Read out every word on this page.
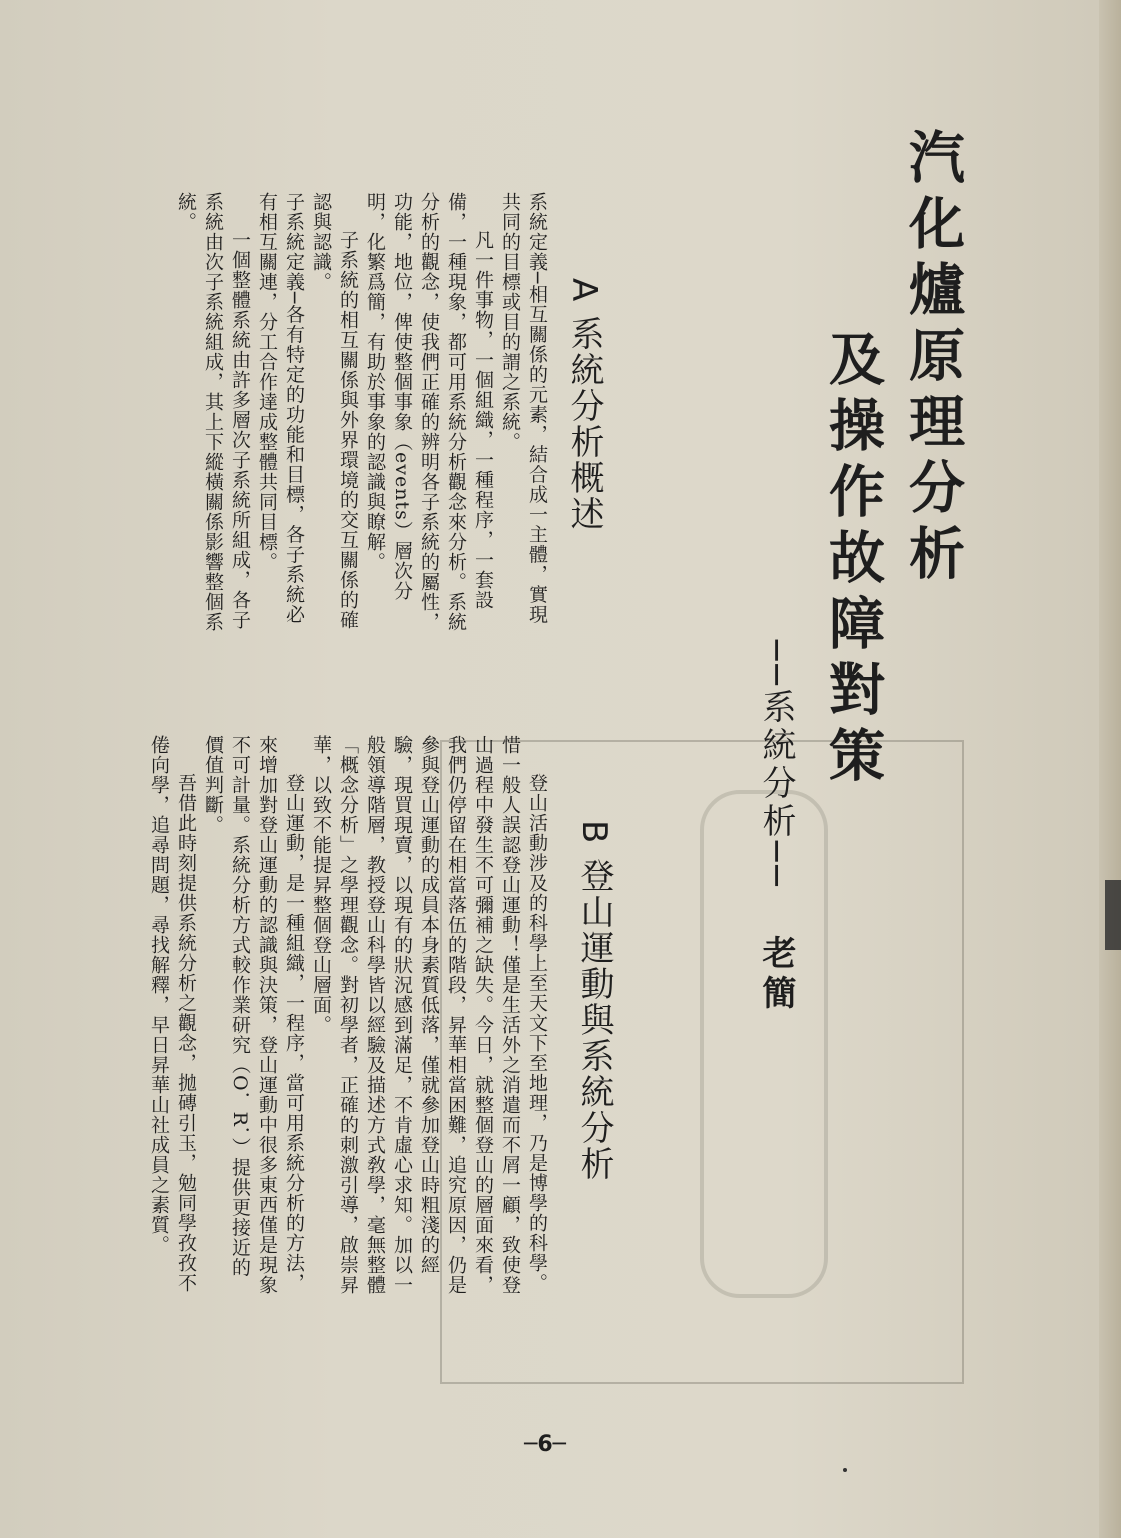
汽化爐原理分析
及操作故障對策
──系統分析──
老簡
A 系統分析概述

系統定義─相互關係的元素，結合成一主體，實現共同的目標或目的謂之系統。

凡一件事物，一個組織，一種程序，一套設備，一種現象，都可用系統分析觀念來分析。系統分析的觀念，使我們正確的辨明各子系統的屬性，功能，地位，俾使整個事象（events）層次分明，化繁爲簡，有助於事象的認識與瞭解。

子系統的相互關係與外界環境的交互關係的確認與認識。

子系統定義─各有特定的功能和目標，各子系統必有相互關連，分工合作達成整體共同目標。

一個整體系統由許多層次子系統所組成，各子系統由次子系統組成，其上下縱橫關係影響整個系統。

B 登山運動與系統分析

登山活動涉及的科學上至天文下至地理，乃是博學的科學。惜一般人誤認登山運動！僅是生活外之消遣而不屑一顧，致使登山過程中發生不可彌補之缺失。今日，就整個登山的層面來看，我們仍停留在相當落伍的階段，昇華相當困難，追究原因，仍是參與登山運動的成員本身素質低落，僅就參加登山時粗淺的經驗，現買現賣，以現有的狀況感到滿足，不肯虛心求知。加以一般領導階層，教授登山科學皆以經驗及描述方式敎學，毫無整體「概念分析」之學理觀念。對初學者，正確的刺激引導，啟崇昇華，以致不能提昇整個登山層面。

登山運動，是一種組織，一程序，當可用系統分析的方法，來增加對登山運動的認識與決策，登山運動中很多東西僅是現象不可計量。系統分析方式較作業研究（O．R．）提供更接近的價值判斷。

吾借此時刻提供系統分析之觀念，拋磚引玉，勉同學孜孜不倦向學，追尋問題，尋找解釋，早日昇華山社成員之素質。

─6─
